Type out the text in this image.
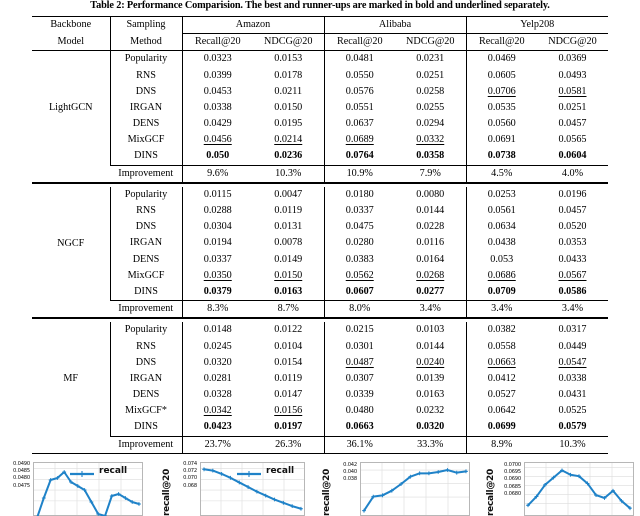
Table 2: Performance Comparision. The best and runner-ups are marked in bold and underlined separately.
Backbone	Sampling	Amazon		Alibaba		Yelp208	
Model	Method	Recall@20	NDCG@20	Recall@20	NDCG@20	Recall@20	NDCG@20
LightGCN	Popularity	0.0323	0.0153	0.0481	0.0231	0.0469	0.0369
	RNS	0.0399	0.0178	0.0550	0.0251	0.0605	0.0493
	DNS	0.0453	0.0211	0.0576	0.0258	0.0706	0.0581
	IRGAN	0.0338	0.0150	0.0551	0.0255	0.0535	0.0251
	DENS	0.0429	0.0195	0.0637	0.0294	0.0560	0.0457
	MixGCF	0.0456	0.0214	0.0689	0.0332	0.0691	0.0565
	DINS	0.050	0.0236	0.0764	0.0358	0.0738	0.0604
	Improvement	9.6%	10.3%	10.9%	7.9%	4.5%	4.0%

NGCF	Popularity	0.0115	0.0047	0.0180	0.0080	0.0253	0.0196
	RNS	0.0288	0.0119	0.0337	0.0144	0.0561	0.0457
	DNS	0.0304	0.0131	0.0475	0.0228	0.0634	0.0520
	IRGAN	0.0194	0.0078	0.0280	0.0116	0.0438	0.0353
	DENS	0.0337	0.0149	0.0383	0.0164	0.053	0.0433
	MixGCF	0.0350	0.0150	0.0562	0.0268	0.0686	0.0567
	DINS	0.0379	0.0163	0.0607	0.0277	0.0709	0.0586
	Improvement	8.3%	8.7%	8.0%	3.4%	3.4%	3.4%

MF	Popularity	0.0148	0.0122	0.0215	0.0103	0.0382	0.0317
	RNS	0.0245	0.0104	0.0301	0.0144	0.0558	0.0449
	DNS	0.0320	0.0154	0.0487	0.0240	0.0663	0.0547
	IRGAN	0.0281	0.0119	0.0307	0.0139	0.0412	0.0338
	DENS	0.0328	0.0147	0.0339	0.0163	0.0527	0.0431
	MixGCF*	0.0342	0.0156	0.0480	0.0232	0.0642	0.0525
	DINS	0.0423	0.0197	0.0663	0.0320	0.0699	0.0579
	Improvement	23.7%	26.3%	36.1%	33.3%	8.9%	10.3%
0.0490
0.0485
0.0480
0.0475
recall	recall@20
0.074
0.072
0.070
0.068
recall	recall@20
0.042
0.040
0.038	recall@20
0.0700
0.0695
0.0690
0.0685
0.0680
